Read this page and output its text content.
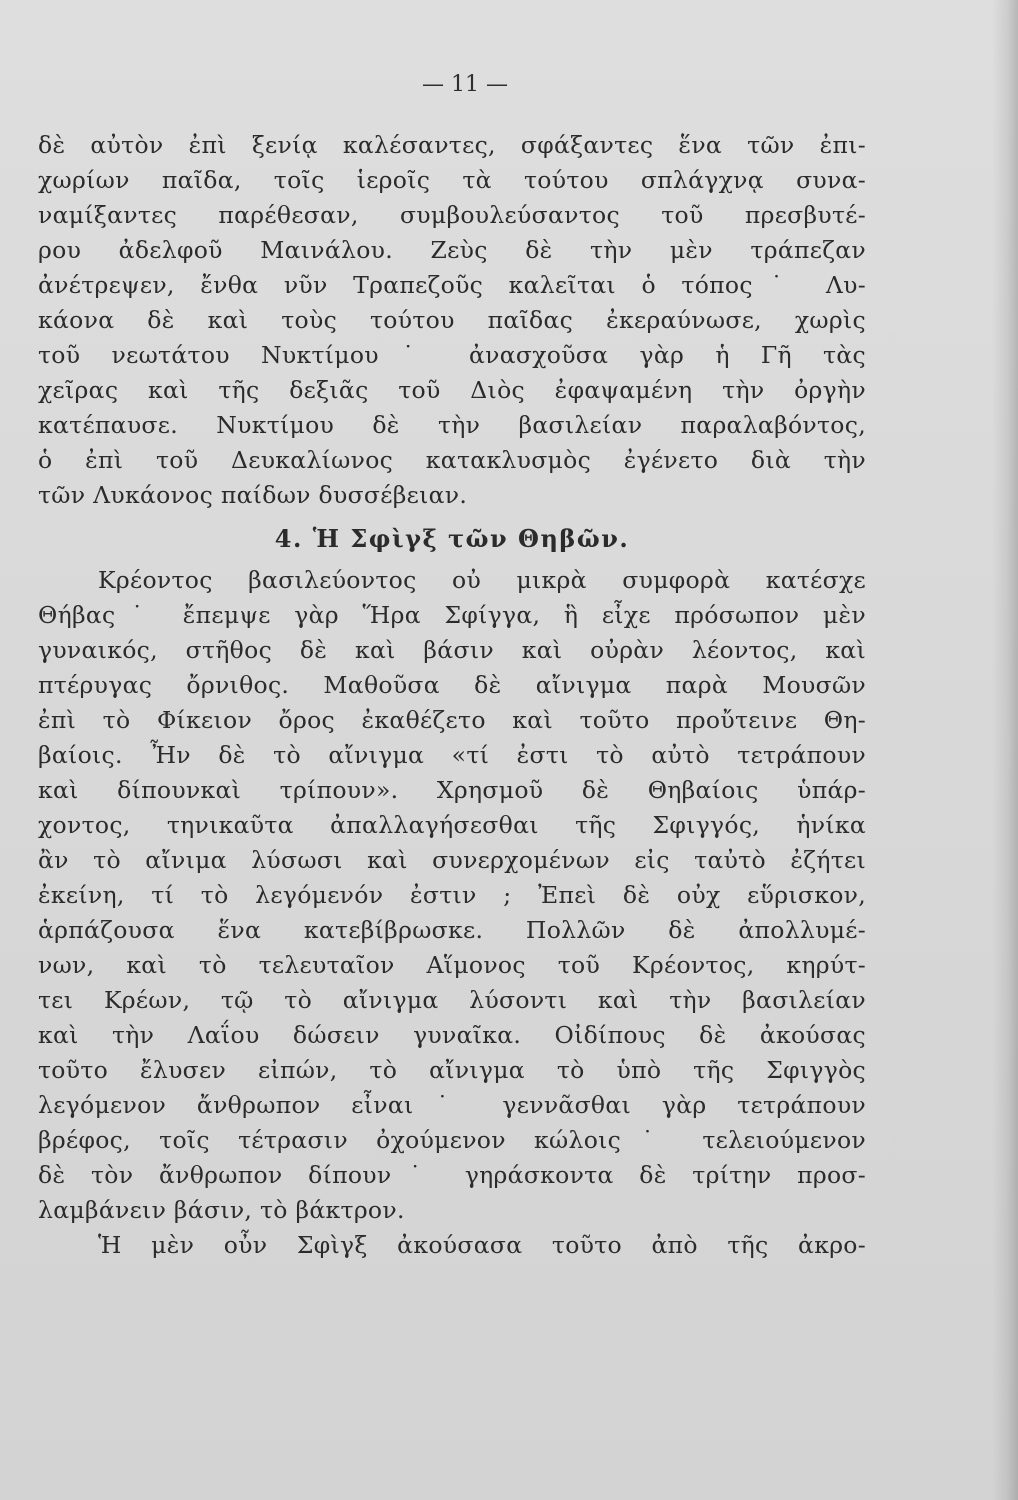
— 11 —
δὲ αὐτὸν ἐπὶ ξενίᾳ καλέσαντες, σφάξαντες ἕνα τῶν ἐπι-
χωρίων παῖδα, τοῖς ἱεροῖς τὰ τούτου σπλάγχνᾳ συνα-
ναμίξαντες παρέθεσαν, συμβουλεύσαντος τοῦ πρεσβυτέ-
ρου ἀδελφοῦ Μαινάλου. Ζεὺς δὲ τὴν μὲν τράπεζαν
ἀνέτρεψεν, ἔνθα νῦν Τραπεζοῦς καλεῖται ὁ τόπος˙ Λυ-
κάονα δὲ καὶ τοὺς τούτου παῖδας ἐκεραύνωσε, χωρὶς
τοῦ νεωτάτου Νυκτίμου˙ ἀνασχοῦσα γὰρ ἡ Γῆ τὰς
χεῖρας καὶ τῆς δεξιᾶς τοῦ Διὸς ἐφαψαμένη τὴν ὀργὴν
κατέπαυσε. Νυκτίμου δὲ τὴν βασιλείαν παραλαβόντος,
ὁ ἐπὶ τοῦ Δευκαλίωνος κατακλυσμὸς ἐγένετο διὰ τὴν
τῶν Λυκάονος παίδων δυσσέβειαν.
4. Ἡ Σφὶγξ τῶν Θηβῶν.
Κρέοντος βασιλεύοντος οὐ μικρὰ συμφορὰ κατέσχε
Θήβας˙ ἔπεμψε γὰρ Ἥρα Σφίγγα, ἣ εἶχε πρόσωπον μὲν
γυναικός, στῆθος δὲ καὶ βάσιν καὶ οὐρὰν λέοντος, καὶ
πτέρυγας ὄρνιθος. Μαθοῦσα δὲ αἴνιγμα παρὰ Μουσῶν
ἐπὶ τὸ Φίκειον ὄρος ἐκαθέζετο καὶ τοῦτο προὔτεινε Θη-
βαίοις. Ἦν δὲ τὸ αἴνιγμα «τί ἐστι τὸ αὐτὸ τετράπουν
καὶ δίπουνκαὶ τρίπουν». Χρησμοῦ δὲ Θηβαίοις ὑπάρ-
χοντος, τηνικαῦτα ἀπαλλαγήσεσθαι τῆς Σφιγγός, ἡνίκα
ἂν τὸ αἴνιμα λύσωσι καὶ συνερχομένων εἰς ταὐτὸ ἐζήτει
ἐκείνη, τί τὸ λεγόμενόν ἐστιν ; Ἐπεὶ δὲ οὐχ εὕρισκον,
ἁρπάζουσα ἕνα κατεβίβρωσκε. Πολλῶν δὲ ἀπολλυμέ-
νων, καὶ τὸ τελευταῖον Αἵμονος τοῦ Κρέοντος, κηρύτ-
τει Κρέων, τῷ τὸ αἴνιγμα λύσοντι καὶ τὴν βασιλείαν
καὶ τὴν Λαΐου δώσειν γυναῖκα. Οἰδίπους δὲ ἀκούσας
τοῦτο ἔλυσεν εἰπών, τὸ αἴνιγμα τὸ ὑπὸ τῆς Σφιγγὸς
λεγόμενον ἄνθρωπον εἶναι˙ γεννᾶσθαι γὰρ τετράπουν
βρέφος, τοῖς τέτρασιν ὀχούμενον κώλοις˙ τελειούμενον
δὲ τὸν ἄνθρωπον δίπουν˙ γηράσκοντα δὲ τρίτην προσ-
λαμβάνειν βάσιν, τὸ βάκτρον.
Ἡ μὲν οὖν Σφὶγξ ἀκούσασα τοῦτο ἀπὸ τῆς ἀκρο-
